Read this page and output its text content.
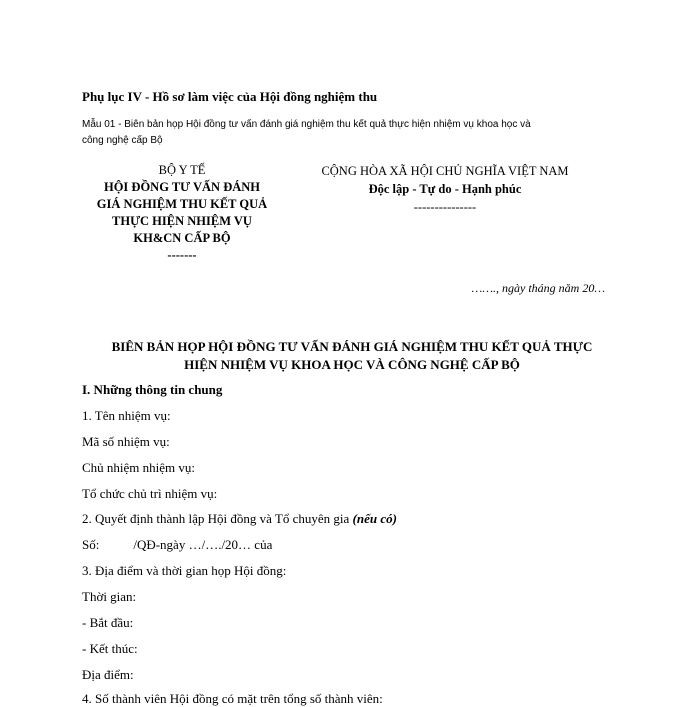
Phụ lục IV - Hồ sơ làm việc của Hội đồng nghiệm thu
Mẫu 01 - Biên bản họp Hội đồng tư vấn đánh giá nghiệm thu kết quả thực hiện nhiệm vụ khoa học và
công nghệ cấp Bộ
BỘ Y TẾ
HỘI ĐỒNG TƯ VẤN ĐÁNH
GIÁ NGHIỆM THU KẾT QUẢ
THỰC HIỆN NHIỆM VỤ
KH&CN CẤP BỘ
-------
CỘNG HÒA XÃ HỘI CHỦ NGHĨA VIỆT NAM
Độc lập - Tự do - Hạnh phúc
---------------
……., ngày tháng năm 20…
BIÊN BẢN HỌP HỘI ĐỒNG TƯ VẤN ĐÁNH GIÁ NGHIỆM THU KẾT QUẢ THỰC
HIỆN NHIỆM VỤ KHOA HỌC VÀ CÔNG NGHỆ CẤP BỘ
I. Những thông tin chung
1. Tên nhiệm vụ:
Mã số nhiệm vụ:
Chủ nhiệm nhiệm vụ:
Tổ chức chủ trì nhiệm vụ:
2. Quyết định thành lập Hội đồng và Tổ chuyên gia (nếu có)
Số:	/QĐ-ngày …/…./20… của
3. Địa điểm và thời gian họp Hội đồng:
Thời gian:
- Bắt đầu:
- Kết thúc:
Địa điểm:
4. Số thành viên Hội đồng có mặt trên tổng số thành viên:
